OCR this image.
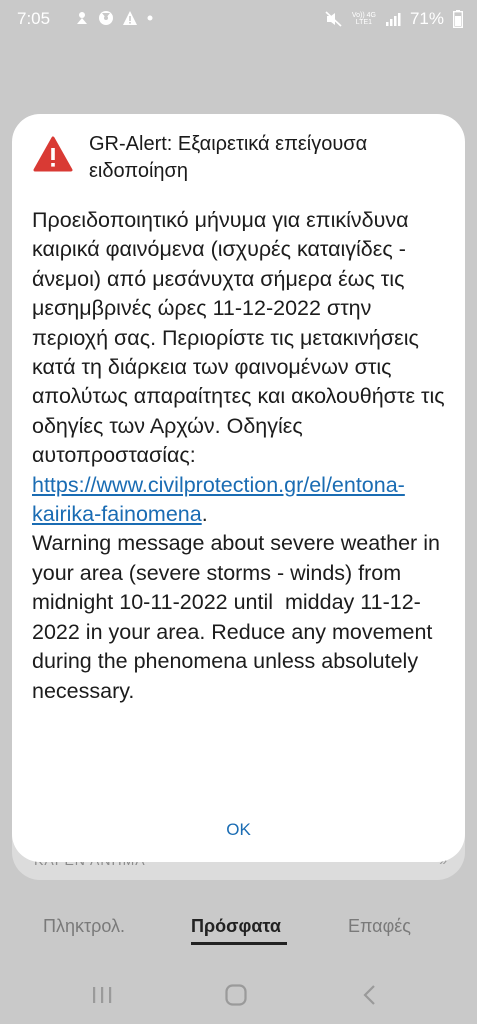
7:05	Vo)) 4G
LTE1 71%
GR-Alert: Εξαιρετικά επείγουσα ειδοποίηση
Προειδοποιητικό μήνυμα για επικίνδυνα καιρικά φαινόμενα (ισχυρές καταιγίδες - άνεμοι) από μεσάνυχτα σήμερα έως τις μεσημβρινές ώρες 11-12-2022 στην περιοχή σας. Περιορίστε τις μετακινήσεις κατά τη διάρκεια των φαινομένων στις απολύτως απαραίτητες και ακολουθήστε τις οδηγίες των Αρχών. Οδηγίες αυτοπροστασίας: https://www.civilprotection.gr/el/entona-kairika-fainomena.
Warning message about severe weather in your area (severe storms - winds) from midnight 10-11-2022 until  midday 11-12-2022 in your area. Reduce any movement during the phenomena unless absolutely necessary.
OK
Πληκτρολ.	Πρόσφατα	Επαφές
